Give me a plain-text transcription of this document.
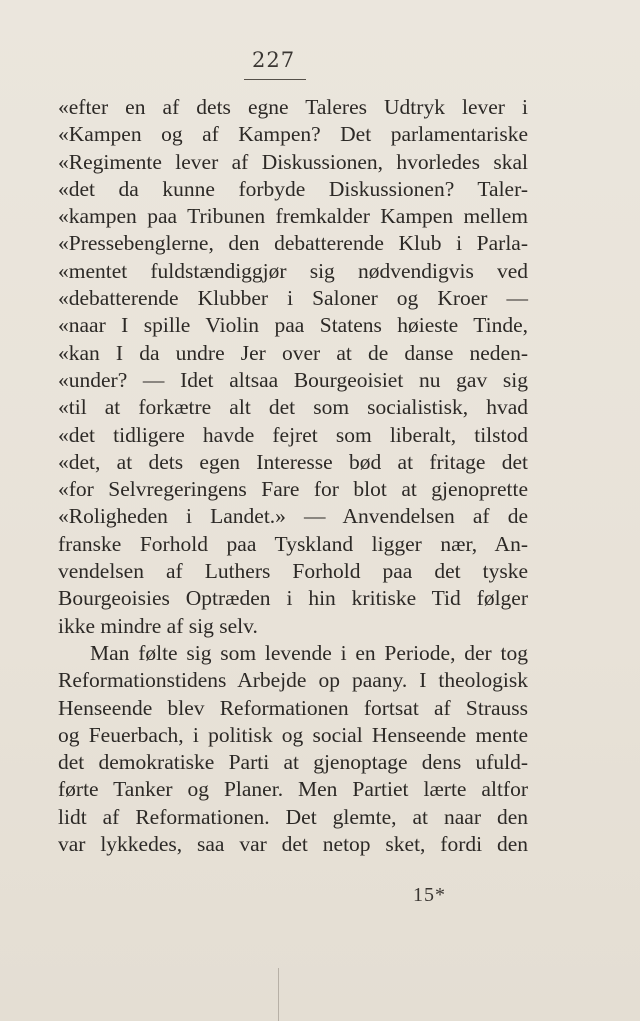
227
«efter en af dets egne Taleres Udtryk lever i
«Kampen og af Kampen? Det parlamentariske
«Regimente lever af Diskussionen, hvorledes skal
«det da kunne forbyde Diskussionen? Taler-
«kampen paa Tribunen fremkalder Kampen mellem
«Pressebenglerne, den debatterende Klub i Parla-
«mentet fuldstændiggjør sig nødvendigvis ved
«debatterende Klubber i Saloner og Kroer —
«naar I spille Violin paa Statens høieste Tinde,
«kan I da undre Jer over at de danse neden-
«under? — Idet altsaa Bourgeoisiet nu gav sig
«til at forkætre alt det som socialistisk, hvad
«det tidligere havde fejret som liberalt, tilstod
«det, at dets egen Interesse bød at fritage det
«for Selvregeringens Fare for blot at gjenoprette
«Roligheden i Landet.» — Anvendelsen af de
franske Forhold paa Tyskland ligger nær, An-
vendelsen af Luthers Forhold paa det tyske
Bourgeoisies Optræden i hin kritiske Tid følger
ikke mindre af sig selv.
Man følte sig som levende i en Periode, der tog
Reformationstidens Arbejde op paany. I theologisk
Henseende blev Reformationen fortsat af Strauss
og Feuerbach, i politisk og social Henseende mente
det demokratiske Parti at gjenoptage dens ufuld-
førte Tanker og Planer. Men Partiet lærte altfor
lidt af Reformationen. Det glemte, at naar den
var lykkedes, saa var det netop sket, fordi den
15*
